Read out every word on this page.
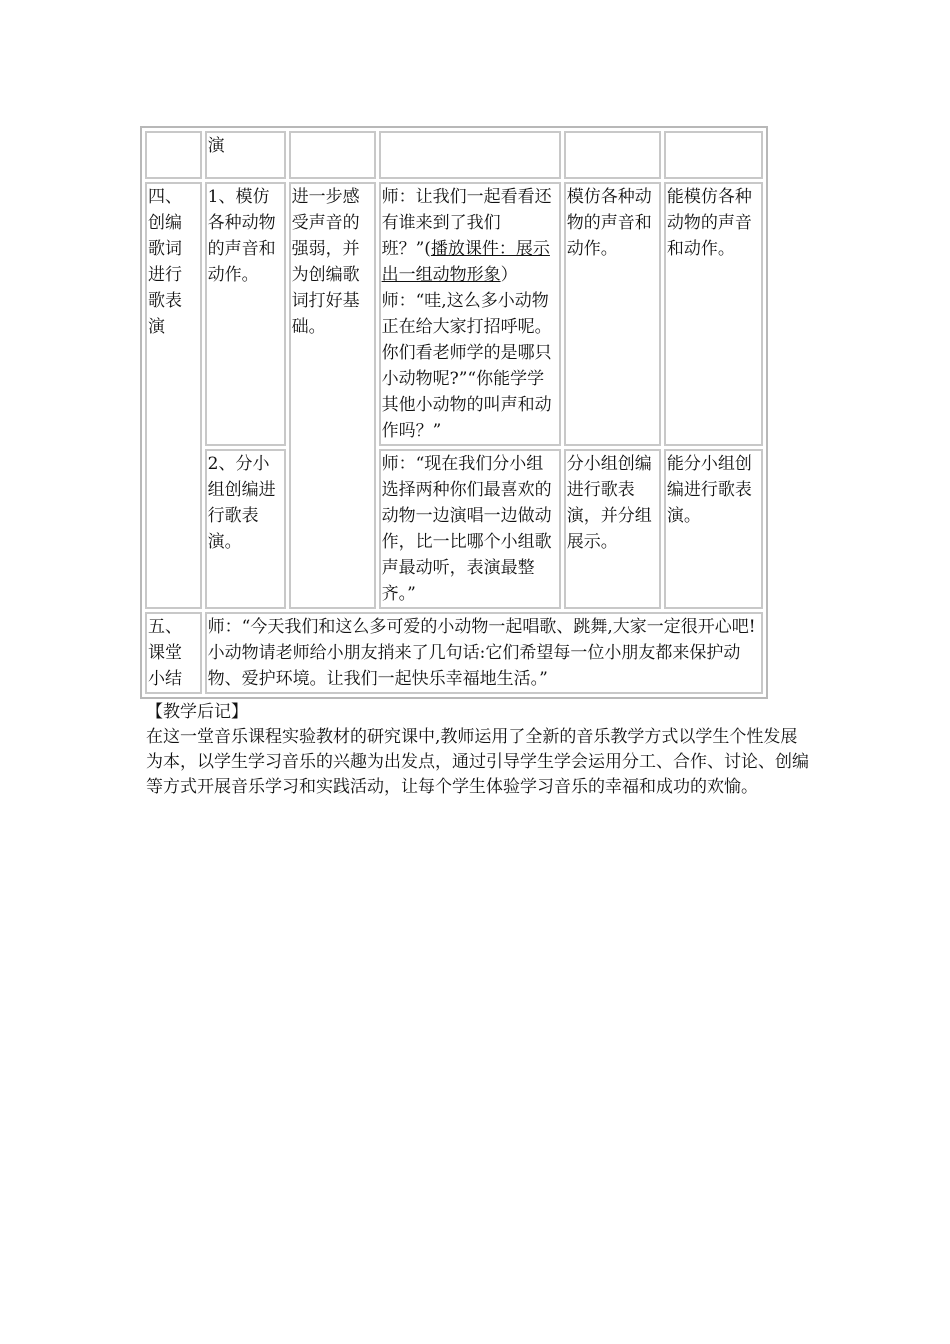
	演				
四、创编歌词进行歌表演	1、模仿各种动物的声音和动作。	进一步感受声音的强弱，并为创编歌词打好基础。	师：让我们一起看看还有谁来到了我们班？”(播放课件：展示出一组动物形象）师：“哇,这么多小动物正在给大家打招呼呢。你们看老师学的是哪只小动物呢?”“你能学学其他小动物的叫声和动作吗？”	模仿各种动物的声音和动作。	能模仿各种动物的声音和动作。
	2、分小组创编进行歌表演。		师：“现在我们分小组选择两种你们最喜欢的动物一边演唱一边做动作，比一比哪个小组歌声最动听，表演最整齐。”	分小组创编进行歌表演，并分组展示。	能分小组创编进行歌表演。
五、课堂小结	师：“今天我们和这么多可爱的小动物一起唱歌、跳舞,大家一定很开心吧!小动物请老师给小朋友捎来了几句话:它们希望每一位小朋友都来保护动物、爱护环境。让我们一起快乐幸福地生活。”				

【教学后记】

在这一堂音乐课程实验教材的研究课中,教师运用了全新的音乐教学方式以学生个性发展为本，以学生学习音乐的兴趣为出发点，通过引导学生学会运用分工、合作、讨论、创编等方式开展音乐学习和实践活动，让每个学生体验学习音乐的幸福和成功的欢愉。
